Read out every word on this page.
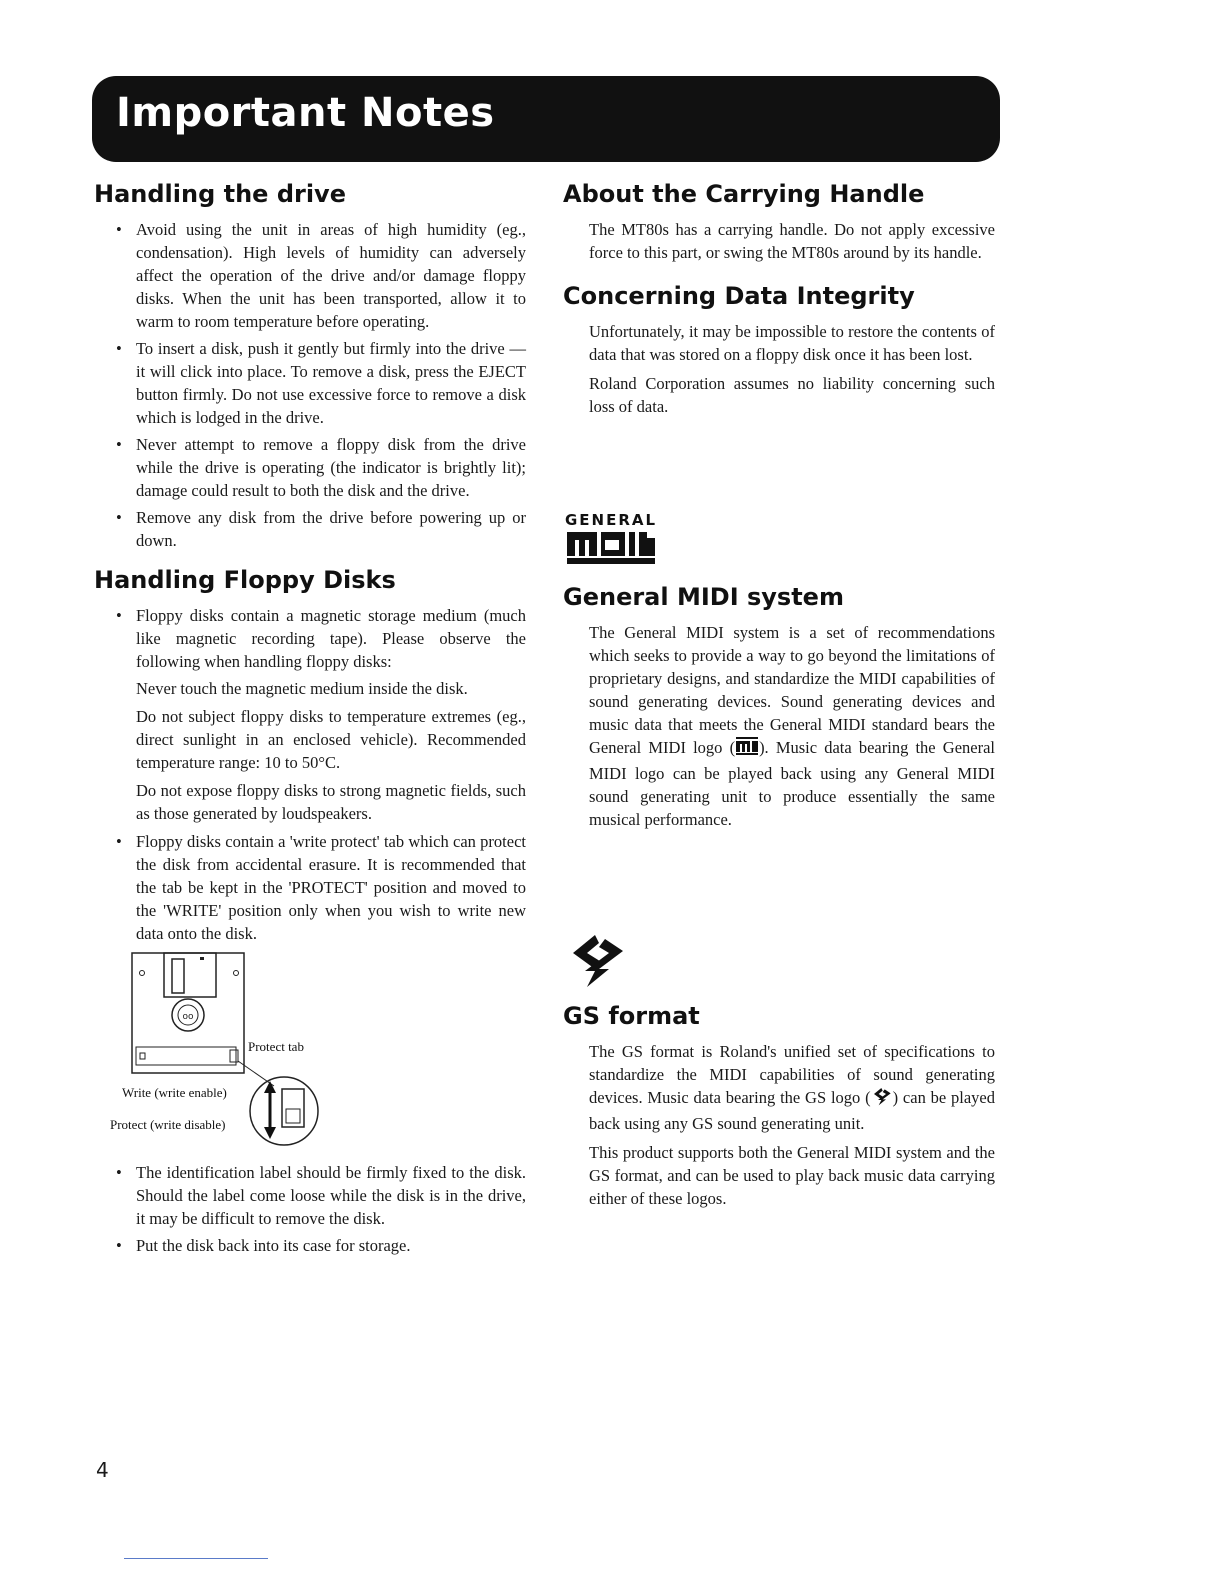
Important Notes
Handling the drive
• Avoid using the unit in areas of high humidity (eg., condensation). High levels of humidity can adversely affect the operation of the drive and/or damage floppy disks. When the unit has been transported, allow it to warm to room temperature before operating.
• To insert a disk, push it gently but firmly into the drive — it will click into place. To remove a disk, press the EJECT button firmly. Do not use excessive force to remove a disk which is lodged in the drive.
• Never attempt to remove a floppy disk from the drive while the drive is operating (the indicator is brightly lit); damage could result to both the disk and the drive.
• Remove any disk from the drive before powering up or down.
Handling Floppy Disks
• Floppy disks contain a magnetic storage medium (much like magnetic recording tape). Please observe the following when handling floppy disks:

Never touch the magnetic medium inside the disk.

Do not subject floppy disks to temperature extremes (eg., direct sunlight in an enclosed vehicle). Recommended temperature range: 10 to 50°C.

Do not expose floppy disks to strong magnetic fields, such as those generated by loudspeakers.

• Floppy disks contain a 'write protect' tab which can protect the disk from accidental erasure. It is recommended that the tab be kept in the 'PROTECT' position and moved to the 'WRITE' position only when you wish to write new data onto the disk.
oo
Protect tab
Write (write enable)
Protect (write disable)
• The identification label should be firmly fixed to the disk. Should the label come loose while the disk is in the drive, it may be difficult to remove the disk.
• Put the disk back into its case for storage.
About the Carrying Handle

The MT80s has a carrying handle. Do not apply excessive force to this part, or swing the MT80s around by its handle.

Concerning Data Integrity

Unfortunately, it may be impossible to restore the contents of data that was stored on a floppy disk once it has been lost.

Roland Corporation assumes no liability concerning such loss of data.

GENERAL
General MIDI system

The General MIDI system is a set of recommendations which seeks to provide a way to go beyond the limitations of proprietary designs, and standardize the MIDI capabilities of sound generating devices. Sound generating devices and music data that meets the General MIDI standard bears the General MIDI logo ( ). Music data bearing the General MIDI logo can be played back using any General MIDI sound generating unit to produce essentially the same musical performance.

GS format

The GS format is Roland's unified set of specifications to standardize the MIDI capabilities of sound generating devices. Music data bearing the GS logo ( ) can be played back using any GS sound generating unit.

This product supports both the General MIDI system and the GS format, and can be used to play back music data carrying either of these logos.

4
